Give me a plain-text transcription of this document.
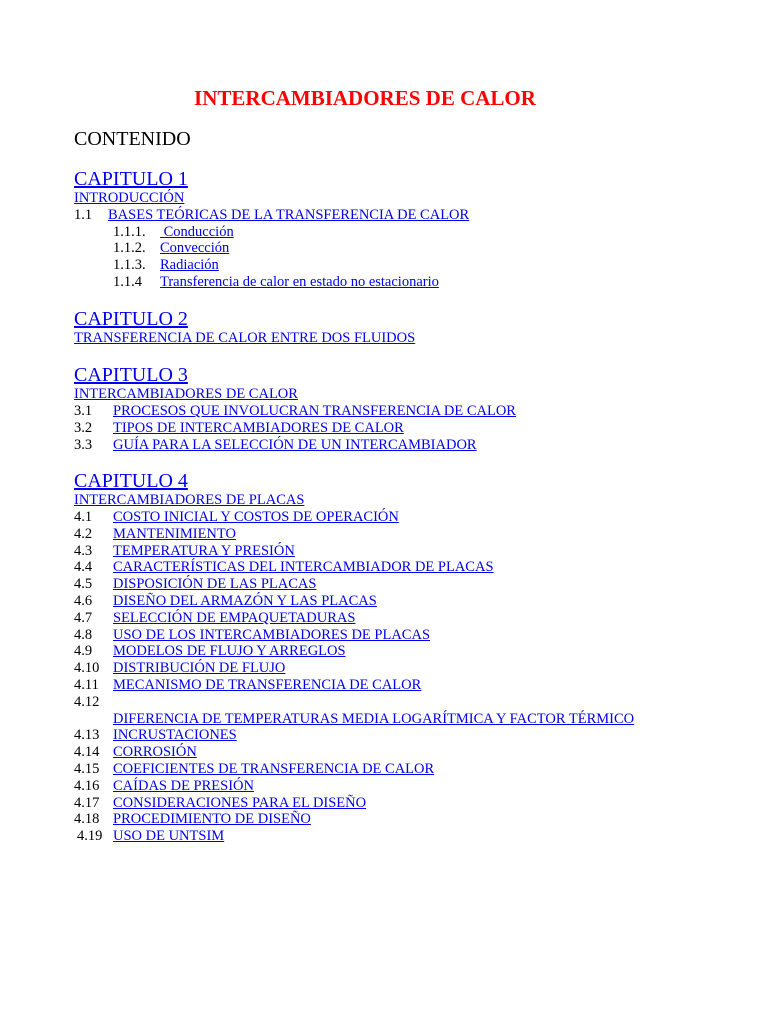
INTERCAMBIADORES DE CALOR
CONTENIDO
CAPITULO 1
INTRODUCCIÓN
1.1 BASES TEÓRICAS DE LA TRANSFERENCIA DE CALOR
1.1.1. Conducción
1.1.2. Convección
1.1.3. Radiación
1.1.4 Transferencia de calor en estado no estacionario
CAPITULO 2
TRANSFERENCIA DE CALOR ENTRE DOS FLUIDOS
CAPITULO 3
INTERCAMBIADORES DE CALOR
3.1 PROCESOS QUE INVOLUCRAN TRANSFERENCIA DE CALOR
3.2 TIPOS DE INTERCAMBIADORES DE CALOR
3.3 GUÍA PARA LA SELECCIÓN DE UN INTERCAMBIADOR
CAPITULO 4
INTERCAMBIADORES DE PLACAS
4.1 COSTO INICIAL Y COSTOS DE OPERACIÓN
4.2 MANTENIMIENTO
4.3 TEMPERATURA Y PRESIÓN
4.4 CARACTERÍSTICAS DEL INTERCAMBIADOR DE PLACAS
4.5 DISPOSICIÓN DE LAS PLACAS
4.6 DISEÑO DEL ARMAZÓN Y LAS PLACAS
4.7 SELECCIÓN DE EMPAQUETADURAS
4.8 USO DE LOS INTERCAMBIADORES DE PLACAS
4.9 MODELOS DE FLUJO Y ARREGLOS
4.10 DISTRIBUCIÓN DE FLUJO
4.11 MECANISMO DE TRANSFERENCIA DE CALOR
4.12
DIFERENCIA DE TEMPERATURAS MEDIA LOGARÍTMICA Y FACTOR TÉRMICO
4.13 INCRUSTACIONES
4.14 CORROSIÓN
4.15 COEFICIENTES DE TRANSFERENCIA DE CALOR
4.16 CAÍDAS DE PRESIÓN
4.17 CONSIDERACIONES PARA EL DISEÑO
4.18 PROCEDIMIENTO DE DISEÑO
4.19 USO DE UNTSIM
